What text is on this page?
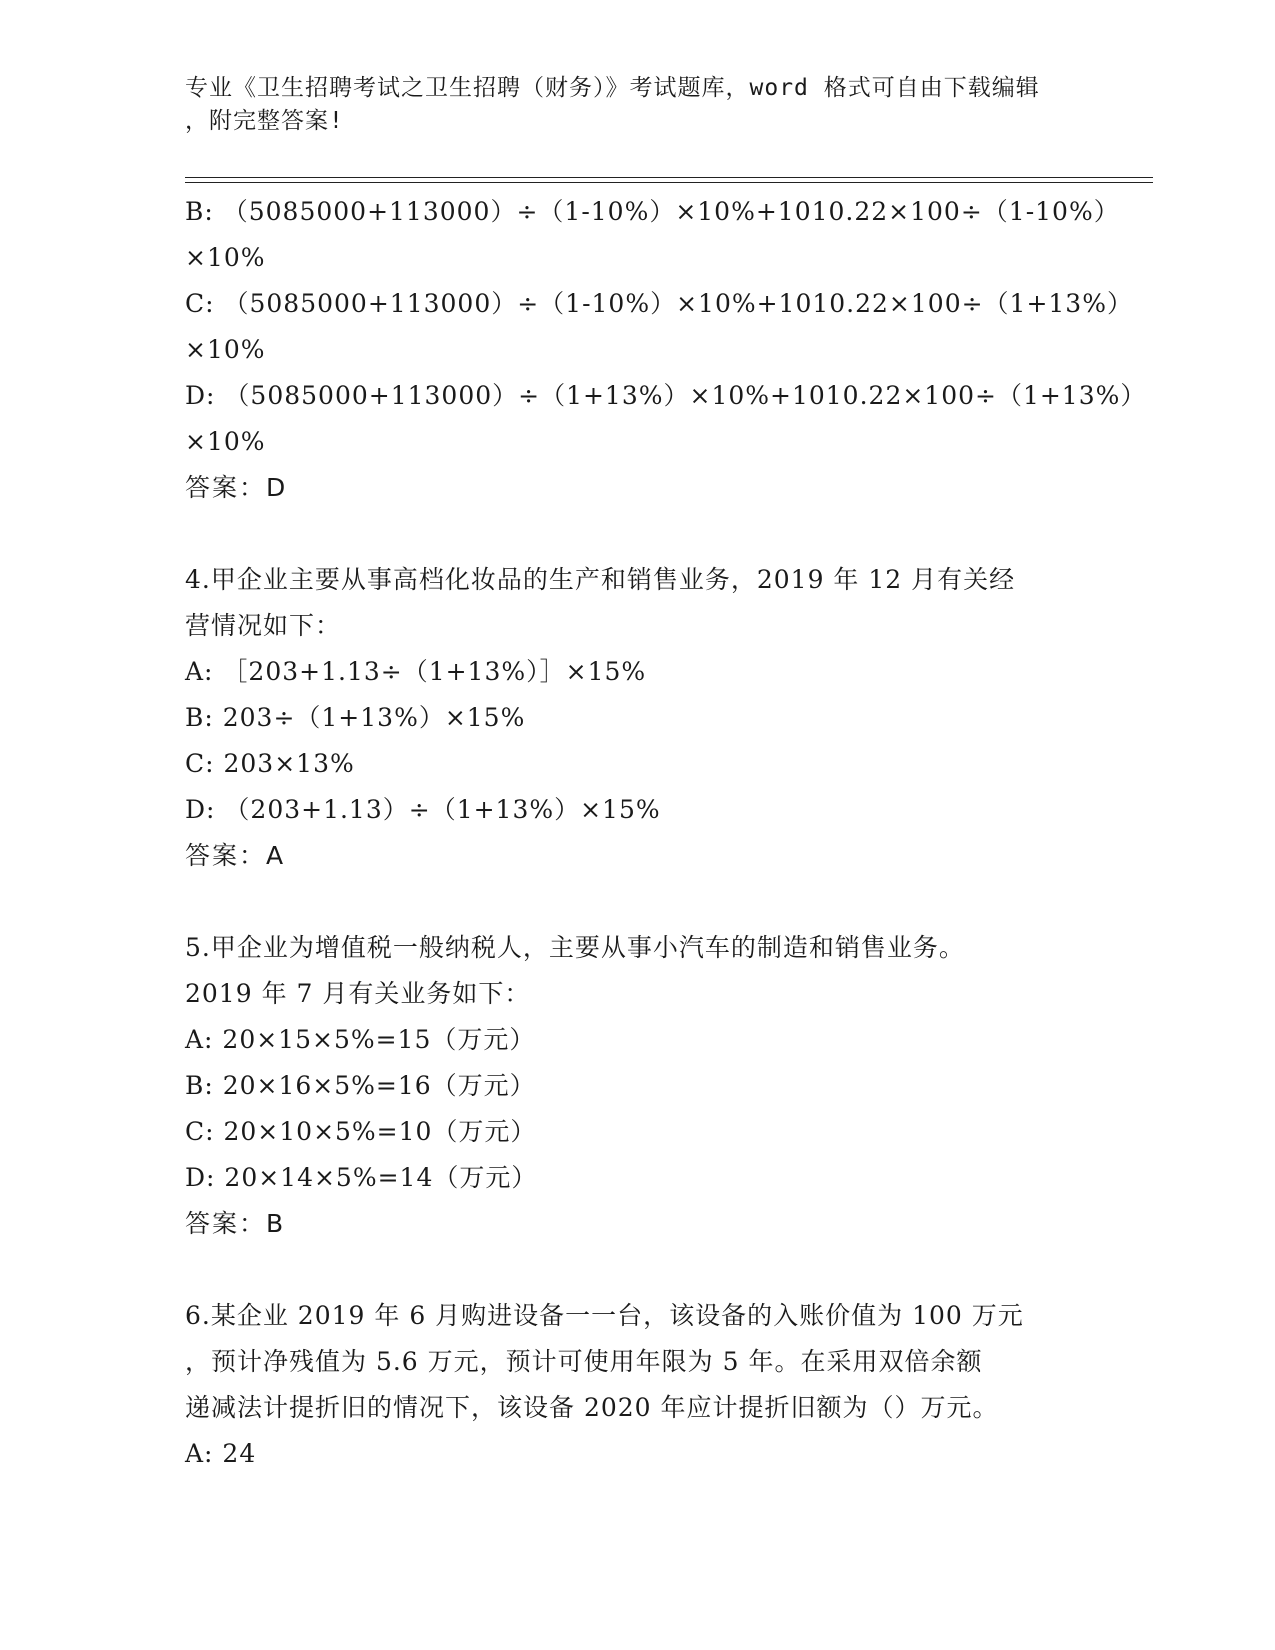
专业《卫生招聘考试之卫生招聘（财务）》考试题库，word 格式可自由下载编辑
，附完整答案!
B: （5085000+113000）÷（1-10%）×10%+1010.22×100÷（1-10%）
×10%
C: （5085000+113000）÷（1-10%）×10%+1010.22×100÷（1+13%）
×10%
D: （5085000+113000）÷（1+13%）×10%+1010.22×100÷（1+13%）
×10%
答案：D
4.甲企业主要从事高档化妆品的生产和销售业务，2019 年 12 月有关经
营情况如下：
A: ［203+1.13÷（1+13%）］×15%
B: 203÷（1+13%）×15%
C: 203×13%
D: （203+1.13）÷（1+13%）×15%
答案：A
5.甲企业为增值税一般纳税人，主要从事小汽车的制造和销售业务。
2019 年 7 月有关业务如下：
A: 20×15×5%=15（万元）
B: 20×16×5%=16（万元）
C: 20×10×5%=10（万元）
D: 20×14×5%=14（万元）
答案：B
6.某企业 2019 年 6 月购进设备一一台，该设备的入账价值为 100 万元
，预计净残值为 5.6 万元，预计可使用年限为 5 年。在采用双倍余额
递减法计提折旧的情况下，该设备 2020 年应计提折旧额为（）万元。
A: 24
